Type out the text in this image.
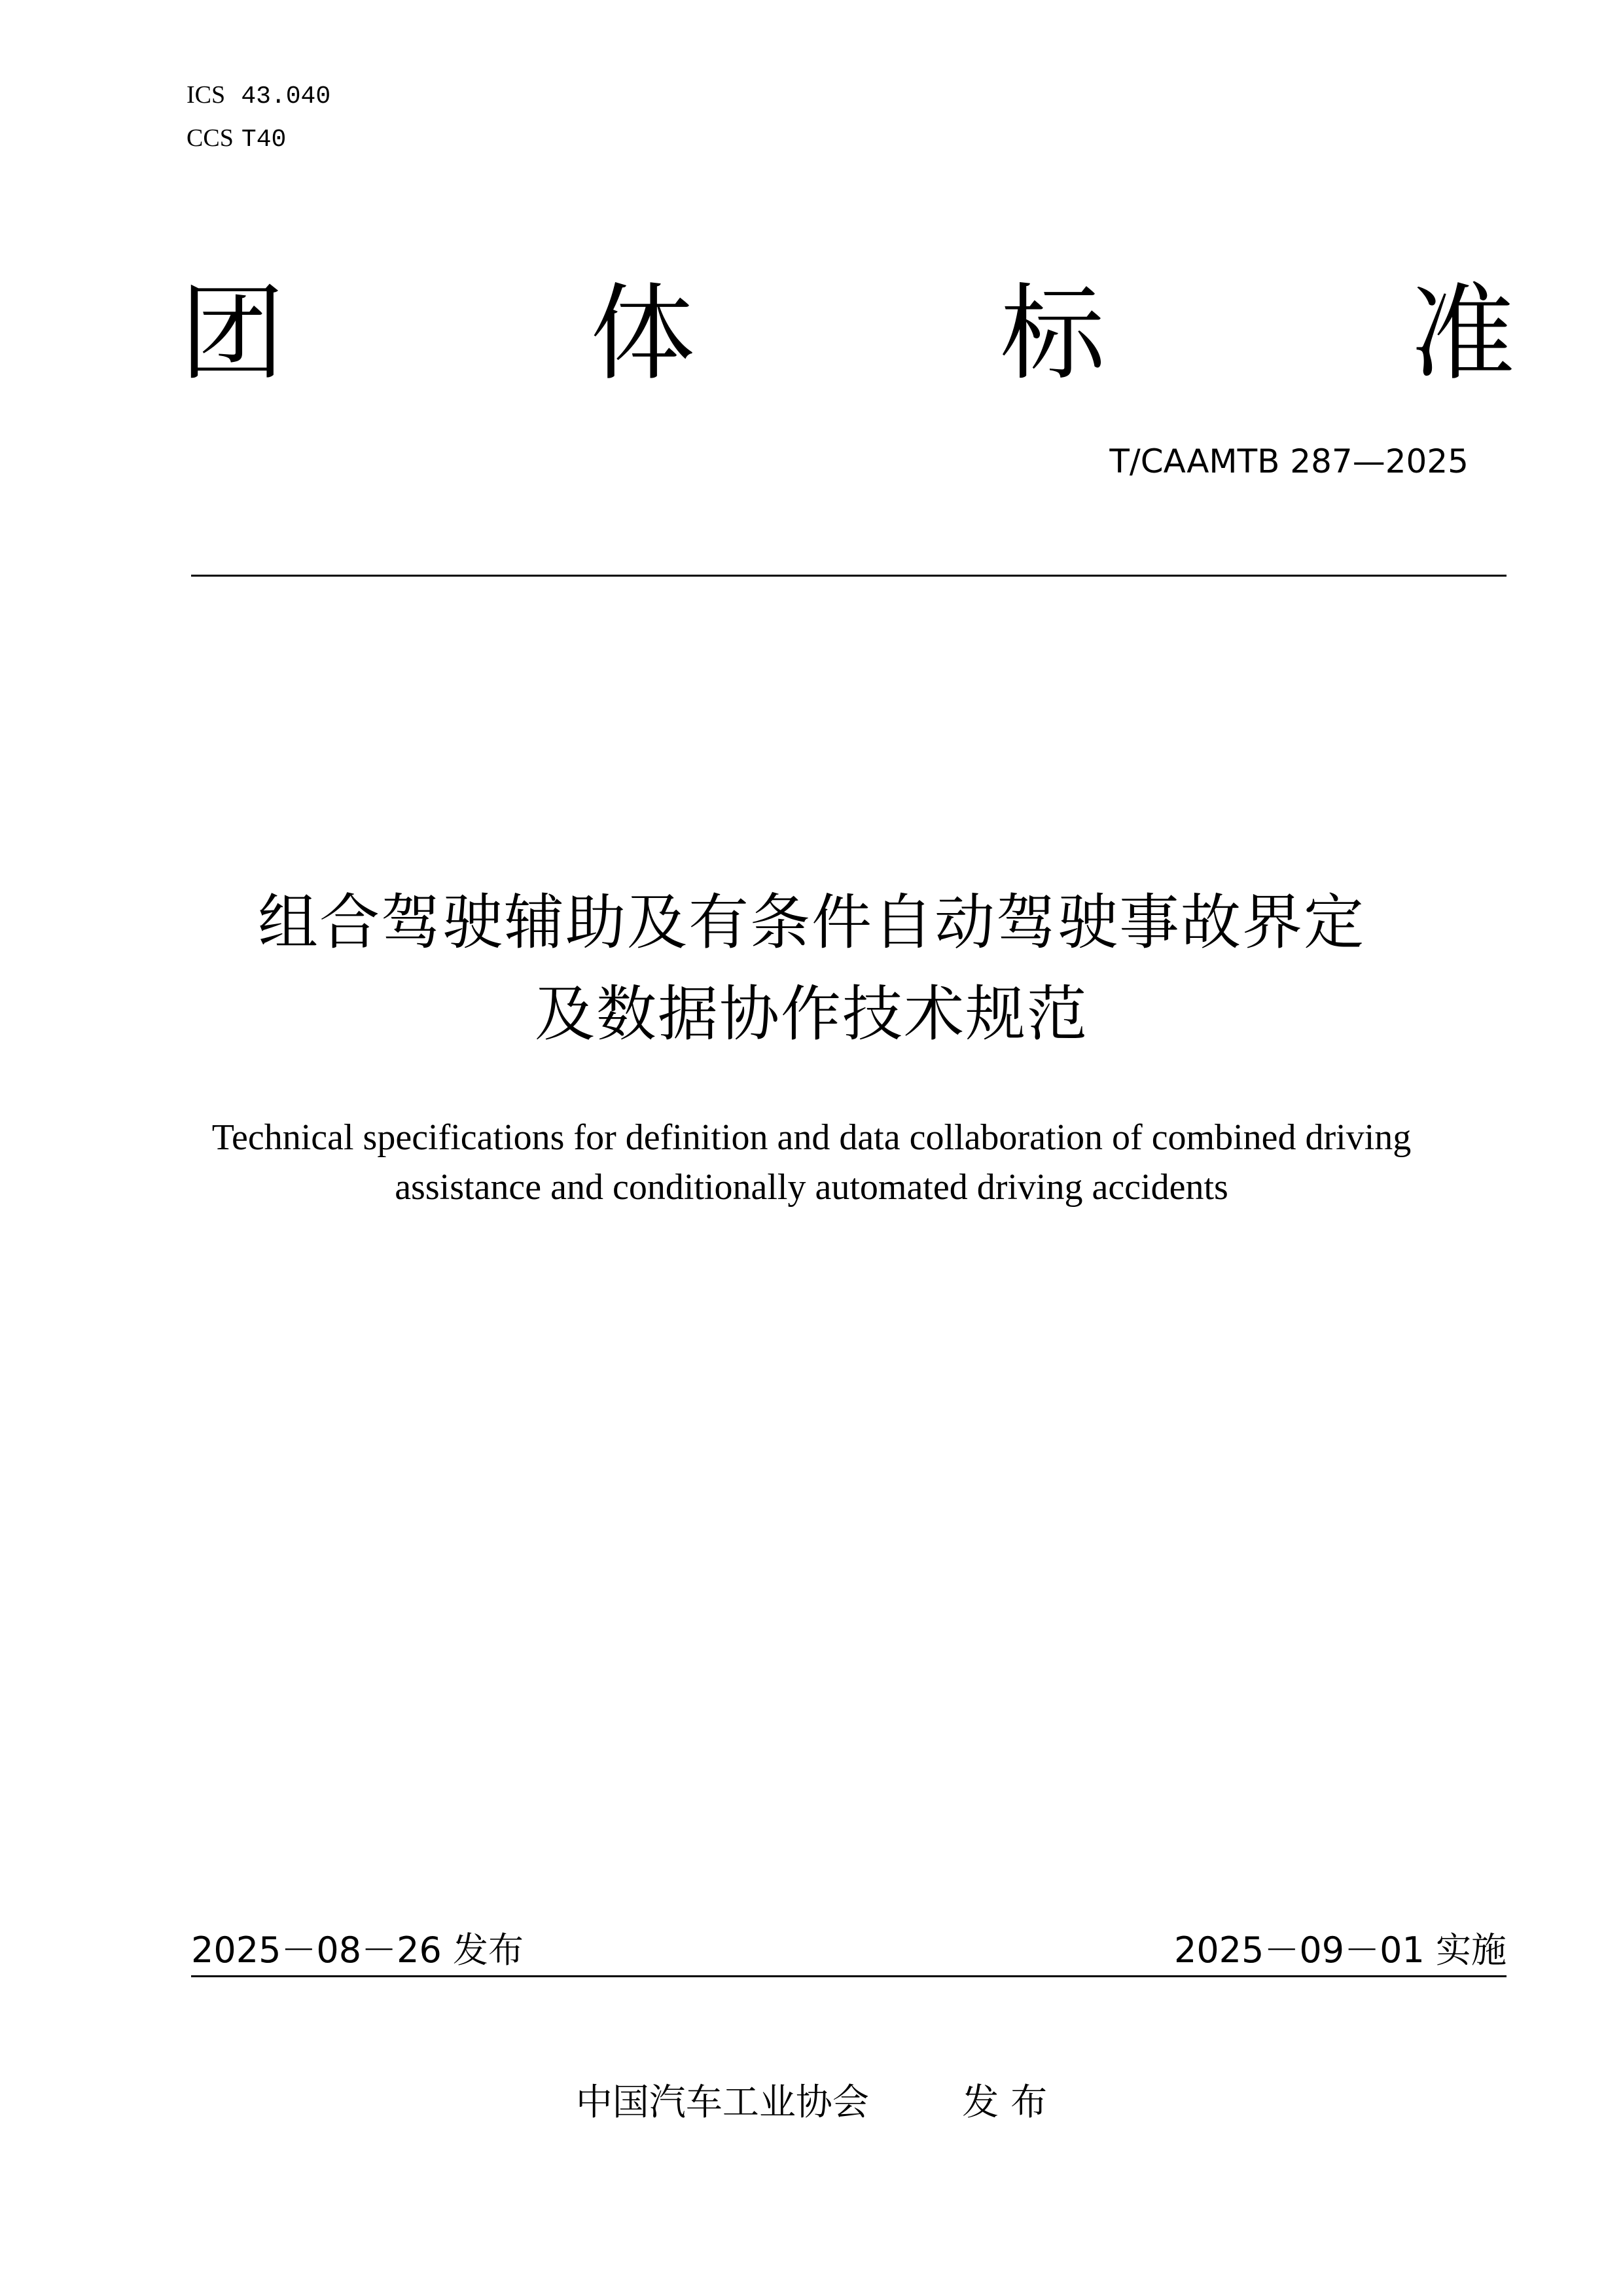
ICS 43.040
CCS T40
团	体	标	准
T/CAAMTB 287—2025
组合驾驶辅助及有条件自动驾驶事故界定
及数据协作技术规范
Technical specifications for definition and data collaboration of combined driving
assistance and conditionally automated driving accidents
2025－08－26 发布	2025－09－01 实施
中国汽车工业协会	发 布
